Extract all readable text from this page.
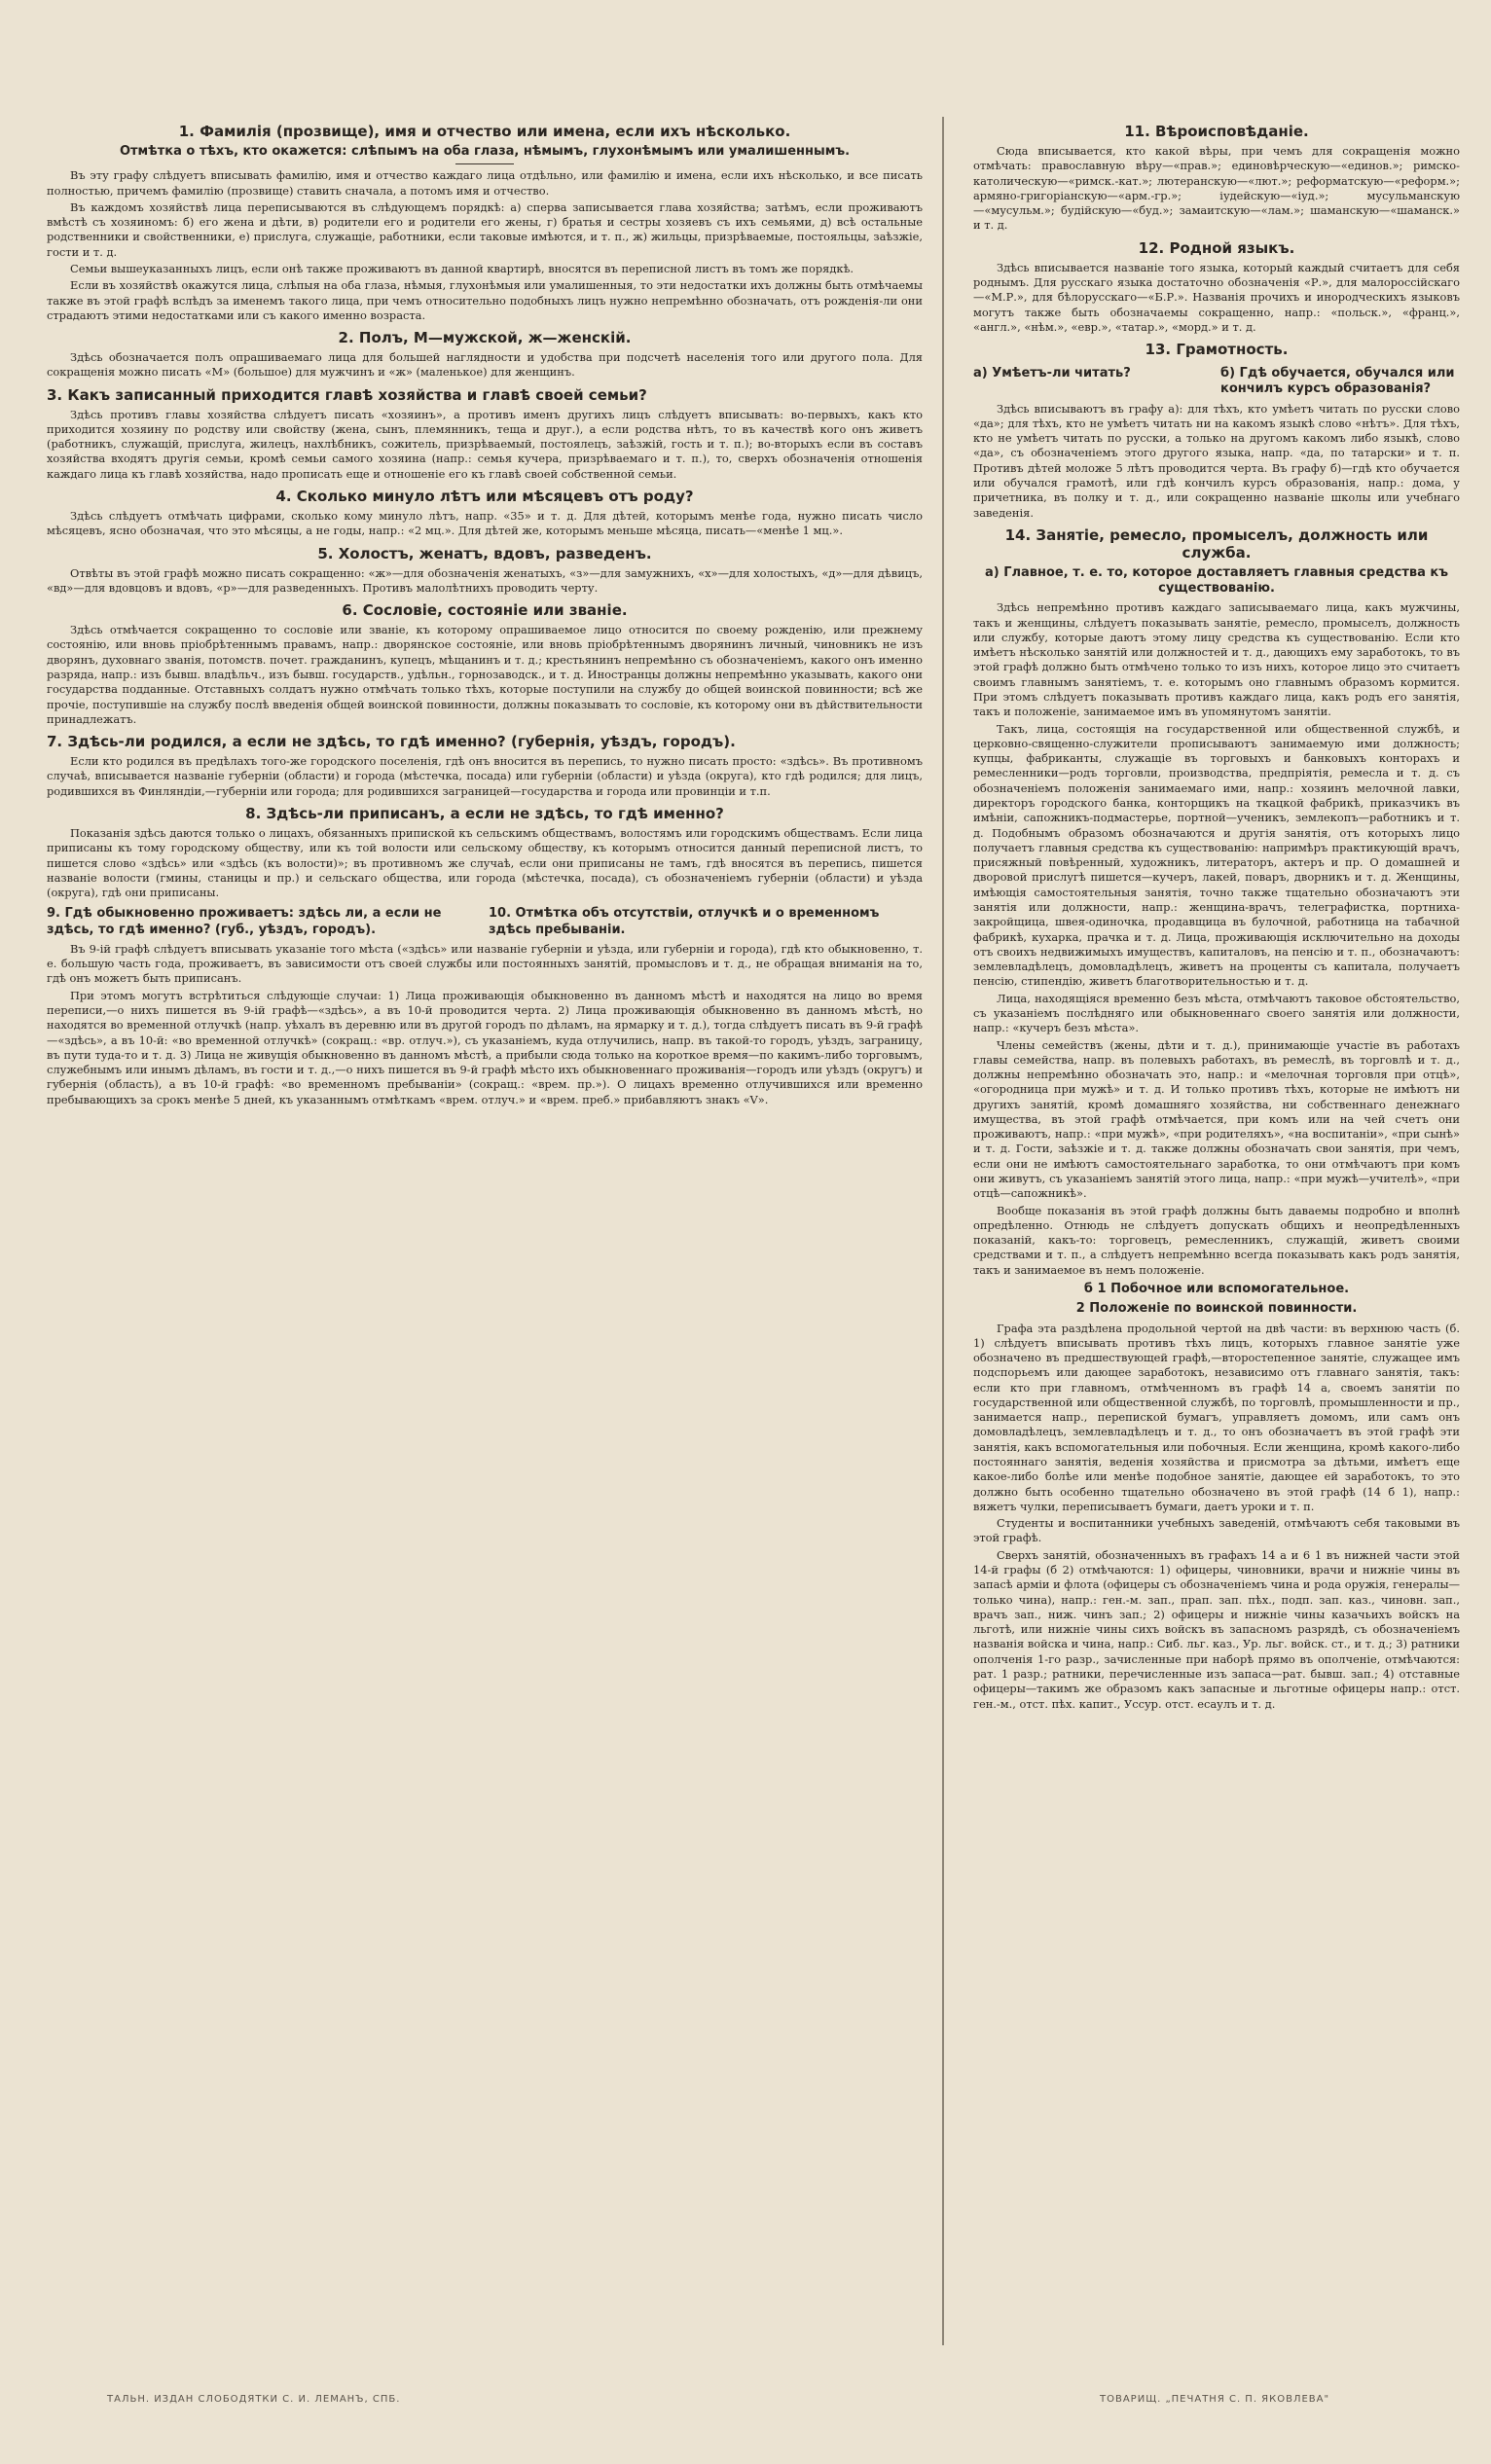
1. Фамилія (прозвище), имя и отчество или имена, если ихъ нѣсколько.
Отмѣтка о тѣхъ, кто окажется: слѣпымъ на оба глаза, нѣмымъ, глухонѣмымъ или умалишеннымъ.

Въ эту графу слѣдуетъ вписывать фамилію, имя и отчество каждаго лица отдѣльно, или фамилію и имена, если ихъ нѣсколько, и все писать полностью, причемъ фамилію (прозвище) ставить сначала, а потомъ имя и отчество.

Въ каждомъ хозяйствѣ лица переписываются въ слѣдующемъ порядкѣ: а) сперва записывается глава хозяйства; затѣмъ, если проживаютъ вмѣстѣ съ хозяиномъ: б) его жена и дѣти, в) родители его и родители его жены, г) братья и сестры хозяевъ съ ихъ семьями, д) всѣ остальные родственники и свойственники, е) прислуга, служащіе, работники, если таковые имѣются, и т. п., ж) жильцы, призрѣваемые, постояльцы, заѣзжіе, гости и т. д.

Семьи вышеуказанныхъ лицъ, если онѣ также проживаютъ въ данной квартирѣ, вносятся въ переписной листъ въ томъ же порядкѣ.

Если въ хозяйствѣ окажутся лица, слѣпыя на оба глаза, нѣмыя, глухонѣмыя или умалишенныя, то эти недостатки ихъ должны быть отмѣчаемы также въ этой графѣ вслѣдъ за именемъ такого лица, при чемъ относительно подобныхъ лицъ нужно непремѣнно обозначать, отъ рожденія-ли они страдаютъ этими недостатками или съ какого именно возраста.

2. Полъ, М—мужской, ж—женскій.

Здѣсь обозначается полъ опрашиваемаго лица для большей наглядности и удобства при подсчетѣ населенія того или другого пола. Для сокращенія можно писать «М» (большое) для мужчинъ и «ж» (маленькое) для женщинъ.

3. Какъ записанный приходится главѣ хозяйства и главѣ своей семьи?

Здѣсь противъ главы хозяйства слѣдуетъ писать «хозяинъ», а противъ именъ другихъ лицъ слѣдуетъ вписывать: во-первыхъ, какъ кто приходится хозяину по родству или свойству (жена, сынъ, племянникъ, теща и друг.), а если родства нѣтъ, то въ качествѣ кого онъ живетъ (работникъ, служащій, прислуга, жилецъ, нахлѣбникъ, сожитель, призрѣваемый, постоялецъ, заѣзжій, гость и т. п.); во-вторыхъ если въ составъ хозяйства входятъ другія семьи, кромѣ семьи самого хозяина (напр.: семья кучера, призрѣваемаго и т. п.), то, сверхъ обозначенія отношенія каждаго лица къ главѣ хозяйства, надо прописать еще и отношеніе его къ главѣ своей собственной семьи.

4. Сколько минуло лѣтъ или мѣсяцевъ отъ роду?

Здѣсь слѣдуетъ отмѣчать цифрами, сколько кому минуло лѣтъ, напр. «35» и т. д. Для дѣтей, которымъ менѣе года, нужно писать число мѣсяцевъ, ясно обозначая, что это мѣсяцы, а не годы, напр.: «2 мц.». Для дѣтей же, которымъ меньше мѣсяца, писать—«менѣе 1 мц.».

5. Холостъ, женатъ, вдовъ, разведенъ.

Отвѣты въ этой графѣ можно писать сокращенно: «ж»—для обозначенія женатыхъ, «з»—для замужнихъ, «х»—для холостыхъ, «д»—для дѣвицъ, «вд»—для вдовцовъ и вдовъ, «р»—для разведенныхъ. Противъ малолѣтнихъ проводить черту.

6. Сословіе, состояніе или званіе.

Здѣсь отмѣчается сокращенно то сословіе или званіе, къ которому опрашиваемое лицо относится по своему рожденію, или прежнему состоянію, или вновь пріобрѣтеннымъ правамъ, напр.: дворянское состояніе, или вновь пріобрѣтеннымъ дворянинъ личный, чиновникъ не изъ дворянъ, духовнаго званія, потомств. почет. гражданинъ, купецъ, мѣщанинъ и т. д.; крестьянинъ непремѣнно съ обозначеніемъ, какого онъ именно разряда, напр.: изъ бывш. владѣльч., изъ бывш. государств., удѣльн., горнозаводск., и т. д. Иностранцы должны непремѣнно указывать, какого они государства подданные. Отставныхъ солдатъ нужно отмѣчать только тѣхъ, которые поступили на службу до общей воинской повинности; всѣ же прочіе, поступившіе на службу послѣ введенія общей воинской повинности, должны показывать то сословіе, къ которому они въ дѣйствительности принадлежатъ.

7. Здѣсь-ли родился, а если не здѣсь, то гдѣ именно? (губернія, уѣздъ, городъ).

Если кто родился въ предѣлахъ того-же городского поселенія, гдѣ онъ вносится въ перепись, то нужно писать просто: «здѣсь». Въ противномъ случаѣ, вписывается названіе губерніи (области) и города (мѣстечка, посада) или губерніи (области) и уѣзда (округа), кто гдѣ родился; для лицъ, родившихся въ Финляндіи,—губерніи или города; для родившихся заграницей—государства и города или провинціи и т.п.

8. Здѣсь-ли приписанъ, а если не здѣсь, то гдѣ именно?

Показанія здѣсь даются только о лицахъ, обязанныхъ припиской къ сельскимъ обществамъ, волостямъ или городскимъ обществамъ. Если лица приписаны къ тому городскому обществу, или къ той волости или сельскому обществу, къ которымъ относится данный переписной листъ, то пишется слово «здѣсь» или «здѣсь (къ волости)»; въ противномъ же случаѣ, если они приписаны не тамъ, гдѣ вносятся въ перепись, пишется названіе волости (гмины, станицы и пр.) и сельскаго общества, или города (мѣстечка, посада), съ обозначеніемъ губерніи (области) и уѣзда (округа), гдѣ они приписаны.

9. Гдѣ обыкновенно проживаетъ: здѣсь ли, а если не здѣсь, то гдѣ именно? (губ., уѣздъ, городъ).
10. Отмѣтка объ отсутствіи, отлучкѣ и о временномъ здѣсь пребываніи.

Въ 9-ій графѣ слѣдуетъ вписывать указаніе того мѣста («здѣсь» или названіе губерніи и уѣзда, или губерніи и города), гдѣ кто обыкновенно, т. е. большую часть года, проживаетъ, въ зависимости отъ своей службы или постоянныхъ занятій, промысловъ и т. д., не обращая вниманія на то, гдѣ онъ можетъ быть приписанъ.

При этомъ могутъ встрѣтиться слѣдующіе случаи: 1) Лица проживающія обыкновенно въ данномъ мѣстѣ и находятся на лицо во время переписи,—о нихъ пишется въ 9-ій графѣ—«здѣсь», а въ 10-й проводится черта. 2) Лица проживающія обыкновенно въ данномъ мѣстѣ, но находятся во временной отлучкѣ (напр. уѣхалъ въ деревню или въ другой городъ по дѣламъ, на ярмарку и т. д.), тогда слѣдуетъ писать въ 9-й графѣ—«здѣсь», а въ 10-й: «во временной отлучкѣ» (сокращ.: «вр. отлуч.»), съ указаніемъ, куда отлучились, напр. въ такой-то городъ, уѣздъ, заграницу, въ пути туда-то и т. д. 3) Лица не живущія обыкновенно въ данномъ мѣстѣ, а прибыли сюда только на короткое время—по какимъ-либо торговымъ, служебнымъ или инымъ дѣламъ, въ гости и т. д.,—о нихъ пишется въ 9-й графѣ мѣсто ихъ обыкновеннаго проживанія—городъ или уѣздъ (округъ) и губернія (область), а въ 10-й графѣ: «во временномъ пребываніи» (сокращ.: «врем. пр.»). О лицахъ временно отлучившихся или временно пребывающихъ за срокъ менѣе 5 дней, къ указаннымъ отмѣткамъ «врем. отлуч.» и «врем. преб.» прибавляютъ знакъ «V».

11. Вѣроисповѣданіе.

Сюда вписывается, кто какой вѣры, при чемъ для сокращенія можно отмѣчать: православную вѣру—«прав.»; единовѣрческую—«единов.»; римско-католическую—«римск.-кат.»; лютеранскую—«лют.»; реформатскую—«реформ.»; армяно-григоріанскую—«арм.-гр.»; іудейскую—«іуд.»; мусульманскую—«мусульм.»; будійскую—«буд.»; замаитскую—«лам.»; шаманскую—«шаманск.» и т. д.

12. Родной языкъ.

Здѣсь вписывается названіе того языка, который каждый считаетъ для себя роднымъ. Для русскаго языка достаточно обозначенія «Р.», для малороссійскаго—«М.Р.», для бѣлорусскаго—«Б.Р.». Названія прочихъ и инородческихъ языковъ могутъ также быть обозначаемы сокращенно, напр.: «польск.», «франц.», «англ.», «нѣм.», «евр.», «татар.», «морд.» и т. д.

13. Грамотность.
а) Умѣетъ-ли читать?	б) Гдѣ обучается, обучался или кончилъ курсъ образованія?

Здѣсь вписываютъ въ графу а): для тѣхъ, кто умѣетъ читать по русски слово «да»; для тѣхъ, кто не умѣетъ читать ни на какомъ языкѣ слово «нѣтъ». Для тѣхъ, кто не умѣетъ читать по русски, а только на другомъ какомъ либо языкѣ, слово «да», съ обозначеніемъ этого другого языка, напр. «да, по татарски» и т. п. Противъ дѣтей моложе 5 лѣтъ проводится черта. Въ графу б)—гдѣ кто обучается или обучался грамотѣ, или гдѣ кончилъ курсъ образованія, напр.: дома, у причетника, въ полку и т. д., или сокращенно названіе школы или учебнаго заведенія.

14. Занятіе, ремесло, промыселъ, должность или служба.
а) Главное, т. е. то, которое доставляетъ главныя средства къ существованію.

Здѣсь непремѣнно противъ каждаго записываемаго лица, какъ мужчины, такъ и женщины, слѣдуетъ показывать занятіе, ремесло, промыселъ, должность или службу, которые даютъ этому лицу средства къ существованію. Если кто имѣетъ нѣсколько занятій или должностей и т. д., дающихъ ему заработокъ, то въ этой графѣ должно быть отмѣчено только то изъ нихъ, которое лицо это считаетъ своимъ главнымъ занятіемъ, т. е. которымъ оно главнымъ образомъ кормится. При этомъ слѣдуетъ показывать противъ каждаго лица, какъ родъ его занятія, такъ и положеніе, занимаемое имъ въ упомянутомъ занятіи.

Такъ, лица, состоящія на государственной или общественной службѣ, и церковно-священно-служители прописываютъ занимаемую ими должность; купцы, фабриканты, служащіе въ торговыхъ и банковыхъ конторахъ и ремесленники—родъ торговли, производства, предпріятія, ремесла и т. д. съ обозначеніемъ положенія занимаемаго ими, напр.: хозяинъ мелочной лавки, директоръ городского банка, конторщикъ на ткацкой фабрикѣ, приказчикъ въ имѣніи, сапожникъ-подмастерье, портной—ученикъ, землекопъ—работникъ и т. д. Подобнымъ образомъ обозначаются и другія занятія, отъ которыхъ лицо получаетъ главныя средства къ существованію: напримѣръ практикующій врачъ, присяжный повѣренный, художникъ, литераторъ, актеръ и пр. О домашней и дворовой прислугѣ пишется—кучеръ, лакей, поваръ, дворникъ и т. д. Женщины, имѣющія самостоятельныя занятія, точно также тщательно обозначаютъ эти занятія или должности, напр.: женщина-врачъ, телеграфистка, портниха-закройщица, швея-одиночка, продавщица въ булочной, работница на табачной фабрикѣ, кухарка, прачка и т. д. Лица, проживающія исключительно на доходы отъ своихъ недвижимыхъ имуществъ, капиталовъ, на пенсію и т. п., обозначаютъ: землевладѣлецъ, домовладѣлецъ, живетъ на проценты съ капитала, получаетъ пенсію, стипендію, живетъ благотворительностью и т. д.

Лица, находящіяся временно безъ мѣста, отмѣчаютъ таковое обстоятельство, съ указаніемъ послѣдняго или обыкновеннаго своего занятія или должности, напр.: «кучеръ безъ мѣста».

Члены семействъ (жены, дѣти и т. д.), принимающіе участіе въ работахъ главы семейства, напр. въ полевыхъ работахъ, въ ремеслѣ, въ торговлѣ и т. д., должны непремѣнно обозначать это, напр.: и «мелочная торговля при отцѣ», «огородница при мужѣ» и т. д. И только противъ тѣхъ, которые не имѣютъ ни другихъ занятій, кромѣ домашняго хозяйства, ни собственнаго денежнаго имущества, въ этой графѣ отмѣчается, при комъ или на чей счетъ они проживаютъ, напр.: «при мужѣ», «при родителяхъ», «на воспитаніи», «при сынѣ» и т. д. Гости, заѣзжіе и т. д. также должны обозначать свои занятія, при чемъ, если они не имѣютъ самостоятельнаго заработка, то они отмѣчаютъ при комъ они живутъ, съ указаніемъ занятій этого лица, напр.: «при мужѣ—учителѣ», «при отцѣ—сапожникѣ».

Вообще показанія въ этой графѣ должны быть даваемы подробно и вполнѣ опредѣленно. Отнюдь не слѣдуетъ допускать общихъ и неопредѣленныхъ показаній, какъ-то: торговецъ, ремесленникъ, служащій, живетъ своими средствами и т. п., а слѣдуетъ непремѣнно всегда показывать какъ родъ занятія, такъ и занимаемое въ немъ положеніе.

б 1 Побочное или вспомогательное.
2 Положеніе по воинской повинности.

Графа эта раздѣлена продольной чертой на двѣ части: въ верхнюю часть (б. 1) слѣдуетъ вписывать противъ тѣхъ лицъ, которыхъ главное занятіе уже обозначено въ предшествующей графѣ,—второстепенное занятіе, служащее имъ подспорьемъ или дающее заработокъ, независимо отъ главнаго занятія, такъ: если кто при главномъ, отмѣченномъ въ графѣ 14 а, своемъ занятіи по государственной или общественной службѣ, по торговлѣ, промышленности и пр., занимается напр., перепиской бумагъ, управляетъ домомъ, или самъ онъ домовладѣлецъ, землевладѣлецъ и т. д., то онъ обозначаетъ въ этой графѣ эти занятія, какъ вспомогательныя или побочныя. Если женщина, кромѣ какого-либо постояннаго занятія, веденія хозяйства и присмотра за дѣтьми, имѣетъ еще какое-либо болѣе или менѣе подобное занятіе, дающее ей заработокъ, то это должно быть особенно тщательно обозначено въ этой графѣ (14 б 1), напр.: вяжетъ чулки, переписываетъ бумаги, даетъ уроки и т. п.

Студенты и воспитанники учебныхъ заведеній, отмѣчаютъ себя таковыми въ этой графѣ.

Сверхъ занятій, обозначенныхъ въ графахъ 14 а и 6 1 въ нижней части этой 14-й графы (б 2) отмѣчаются: 1) офицеры, чиновники, врачи и нижніе чины въ запасѣ арміи и флота (офицеры съ обозначеніемъ чина и рода оружія, генералы—только чина), напр.: ген.-м. зап., прап. зап. пѣх., подп. зап. каз., чиновн. зап., врачъ зап., ниж. чинъ зап.; 2) офицеры и нижніе чины казачьихъ войскъ на льготѣ, или нижніе чины сихъ войскъ въ запасномъ разрядѣ, съ обозначеніемъ названія войска и чина, напр.: Сиб. льг. каз., Ур. льг. войск. ст., и т. д.; 3) ратники ополченія 1-го разр., зачисленные при наборѣ прямо въ ополченіе, отмѣчаются: рат. 1 разр.; ратники, перечисленные изъ запаса—рат. бывш. зап.; 4) отставные офицеры—такимъ же образомъ какъ запасные и льготные офицеры напр.: отст. ген.-м., отст. пѣх. капит., Уссур. отст. есаулъ и т. д.

ТАЛЬН. ИЗДАН СЛОБОДЯТКИ С. И. ЛЕМАНЪ, СПБ.	ТОВАРИЩ. „ПЕЧАТНЯ С. П. ЯКОВЛЕВА"
